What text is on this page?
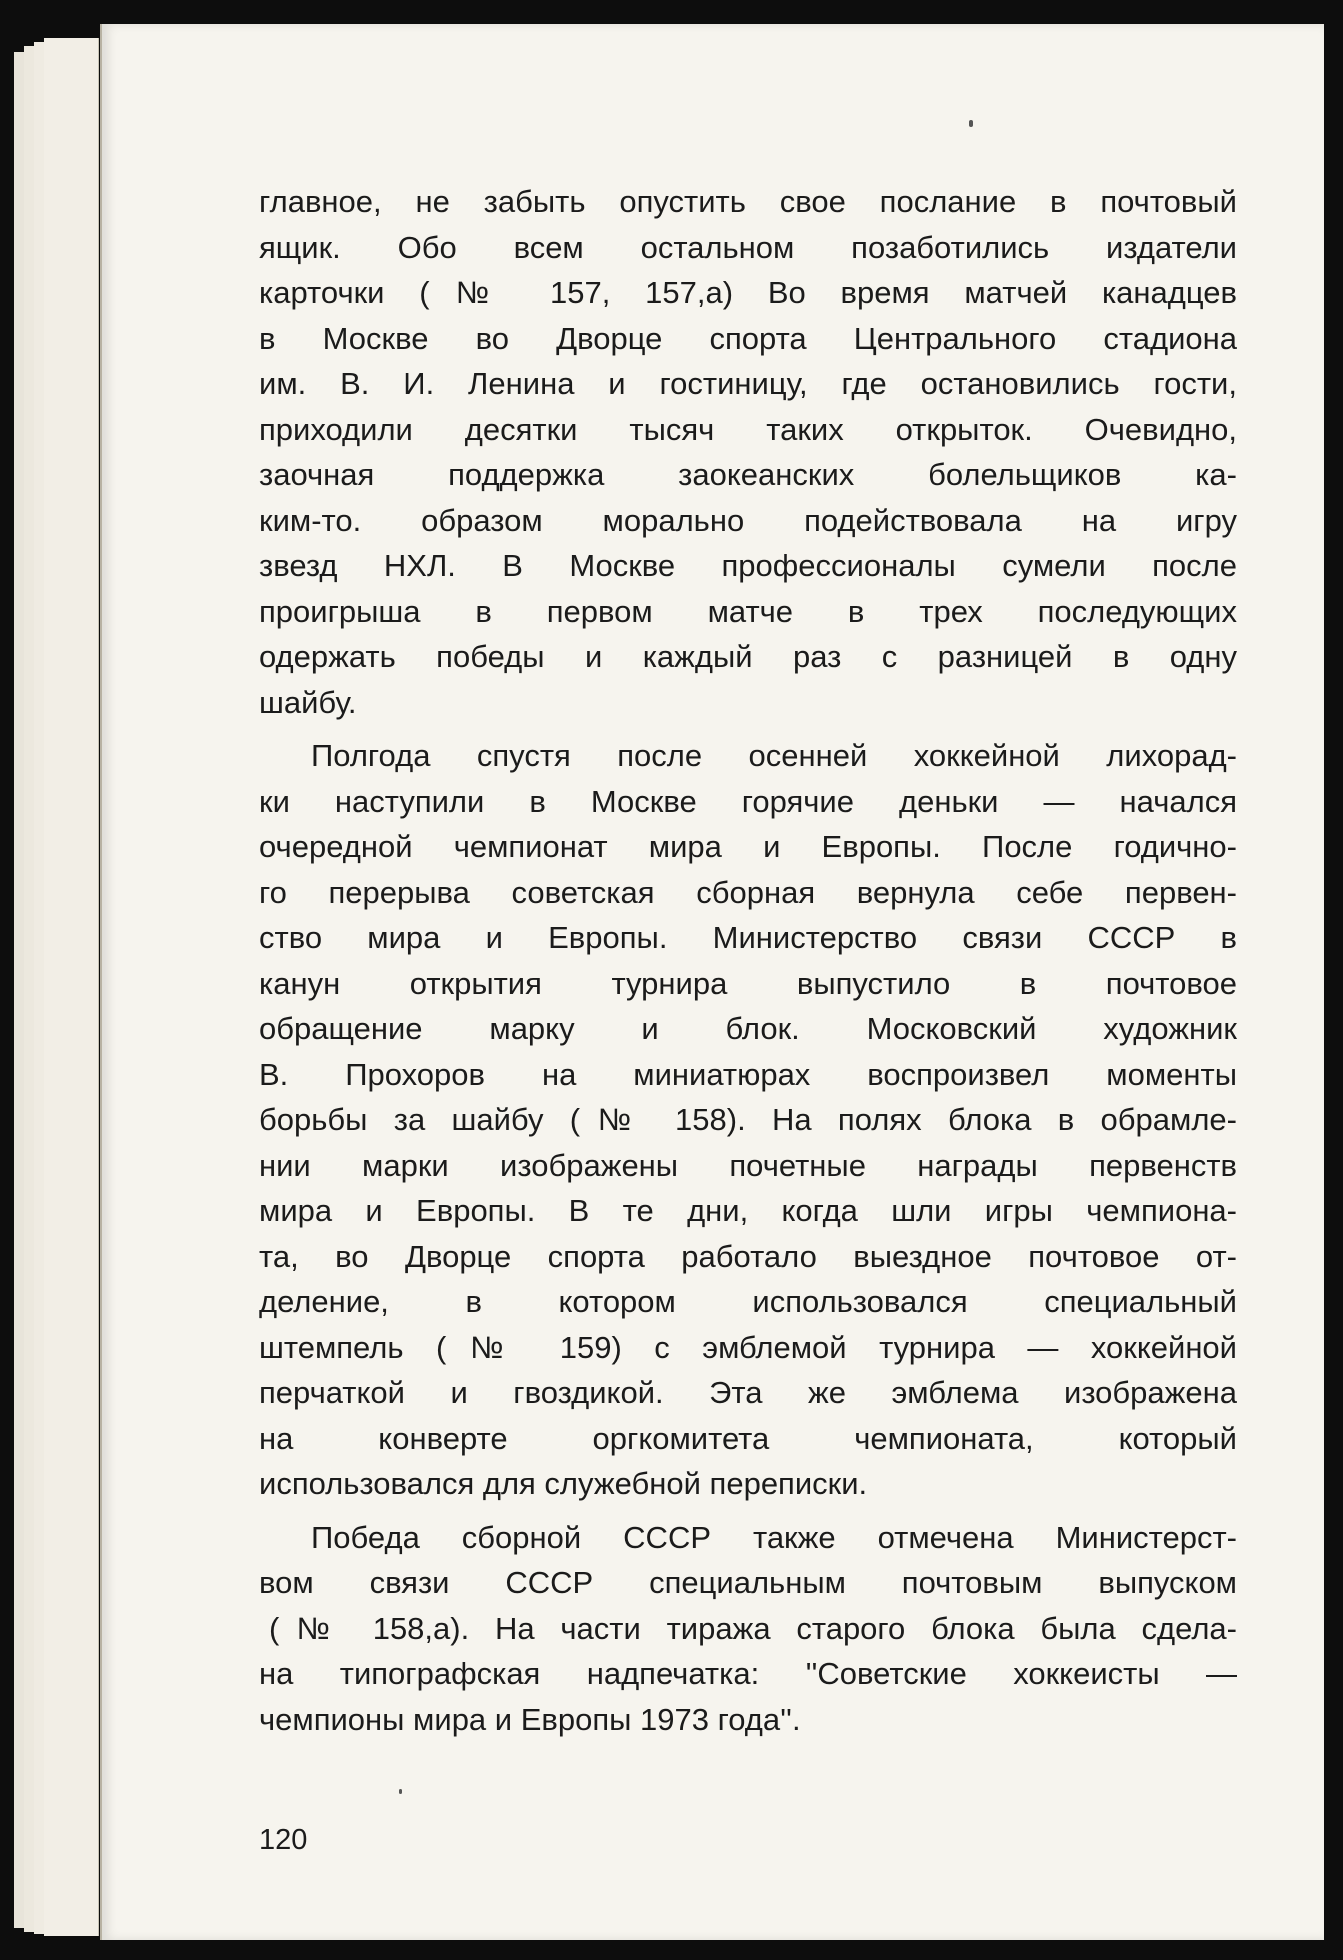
главное, не забыть опустить свое послание в почтовый
ящик. Обо всем остальном позаботились издатели
карточки (№ 157, 157,а) Во время матчей канадцев
в Москве во Дворце спорта Центрального стадиона
им. В. И. Ленина и гостиницу, где остановились гости,
приходили десятки тысяч таких открыток. Очевидно,
заочная поддержка заокеанских болельщиков ка-
ким-то. образом морально подействовала на игру
звезд НХЛ. В Москве профессионалы сумели после
проигрыша в первом матче в трех последующих
одержать победы и каждый раз с разницей в одну
шайбу.
Полгода спустя после осенней хоккейной лихорад-
ки наступили в Москве горячие деньки — начался
очередной чемпионат мира и Европы. После годично-
го перерыва советская сборная вернула себе первен-
ство мира и Европы. Министерство связи СССР в
канун открытия турнира выпустило в почтовое
обращение марку и блок. Московский художник
В. Прохоров на миниатюрах воспроизвел моменты
борьбы за шайбу (№ 158). На полях блока в обрамле-
нии марки изображены почетные награды первенств
мира и Европы. В те дни, когда шли игры чемпиона-
та, во Дворце спорта работало выездное почтовое от-
деление, в котором использовался специальный
штемпель (№ 159) с эмблемой турнира — хоккейной
перчаткой и гвоздикой. Эта же эмблема изображена
на конверте оргкомитета чемпионата, который
использовался для служебной переписки.
Победа сборной СССР также отмечена Министерст-
вом связи СССР специальным почтовым выпуском
(№ 158,а). На части тиража старого блока была сдела-
на типографская надпечатка: ''Советские хоккеисты —
чемпионы мира и Европы 1973 года''.
120
